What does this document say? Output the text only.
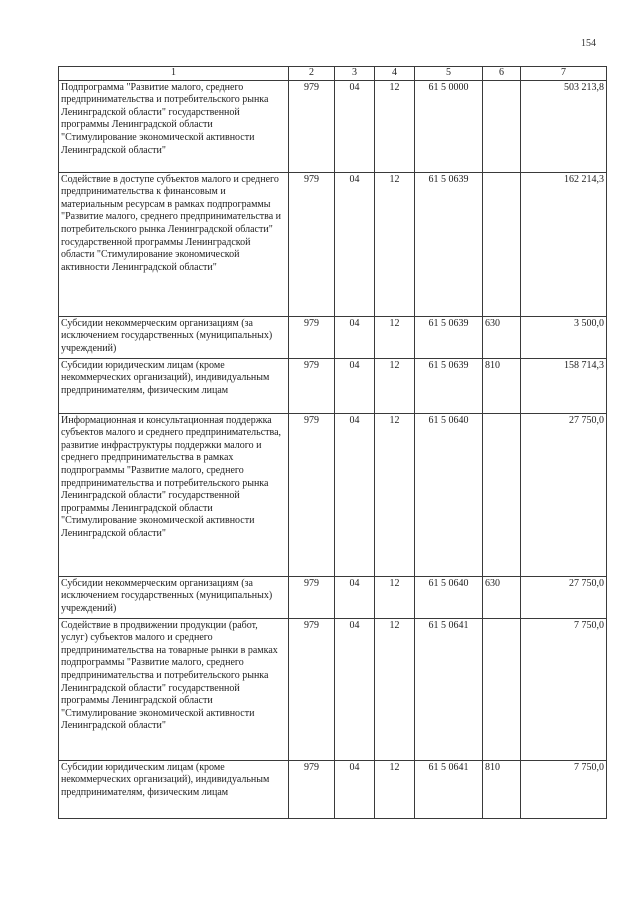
154
1	2	3	4	5	6	7
Подпрограмма "Развитие малого, среднего предпринимательства и потребительского рынка Ленинградской области" государственной программы Ленинградской области "Стимулирование экономической активности Ленинградской области"	979	04	12	61 5 0000		503 213,8
Содействие в доступе субъектов малого и среднего предпринимательства к финансовым и материальным ресурсам в рамках подпрограммы "Развитие малого, среднего предпринимательства и потребительского рынка Ленинградской области" государственной программы Ленинградской области "Стимулирование экономической активности Ленинградской области"	979	04	12	61 5 0639		162 214,3
Субсидии некоммерческим организациям (за исключением государственных (муниципальных) учреждений)	979	04	12	61 5 0639	630	3 500,0
Субсидии юридическим лицам (кроме некоммерческих организаций), индивидуальным предпринимателям, физическим лицам	979	04	12	61 5 0639	810	158 714,3
Информационная и консультационная поддержка субъектов малого и среднего предпринимательства, развитие инфраструктуры поддержки малого и среднего предпринимательства в рамках подпрограммы "Развитие малого, среднего предпринимательства и потребительского рынка Ленинградской области" государственной программы Ленинградской области "Стимулирование экономической активности Ленинградской области"	979	04	12	61 5 0640		27 750,0
Субсидии некоммерческим организациям (за исключением государственных (муниципальных) учреждений)	979	04	12	61 5 0640	630	27 750,0
Содействие в продвижении продукции (работ, услуг) субъектов малого и среднего предпринимательства на товарные рынки в рамках подпрограммы "Развитие малого, среднего предпринимательства и потребительского рынка Ленинградской области" государственной программы Ленинградской области "Стимулирование экономической активности Ленинградской области"	979	04	12	61 5 0641		7 750,0
Субсидии юридическим лицам (кроме некоммерческих организаций), индивидуальным предпринимателям, физическим лицам	979	04	12	61 5 0641	810	7 750,0
